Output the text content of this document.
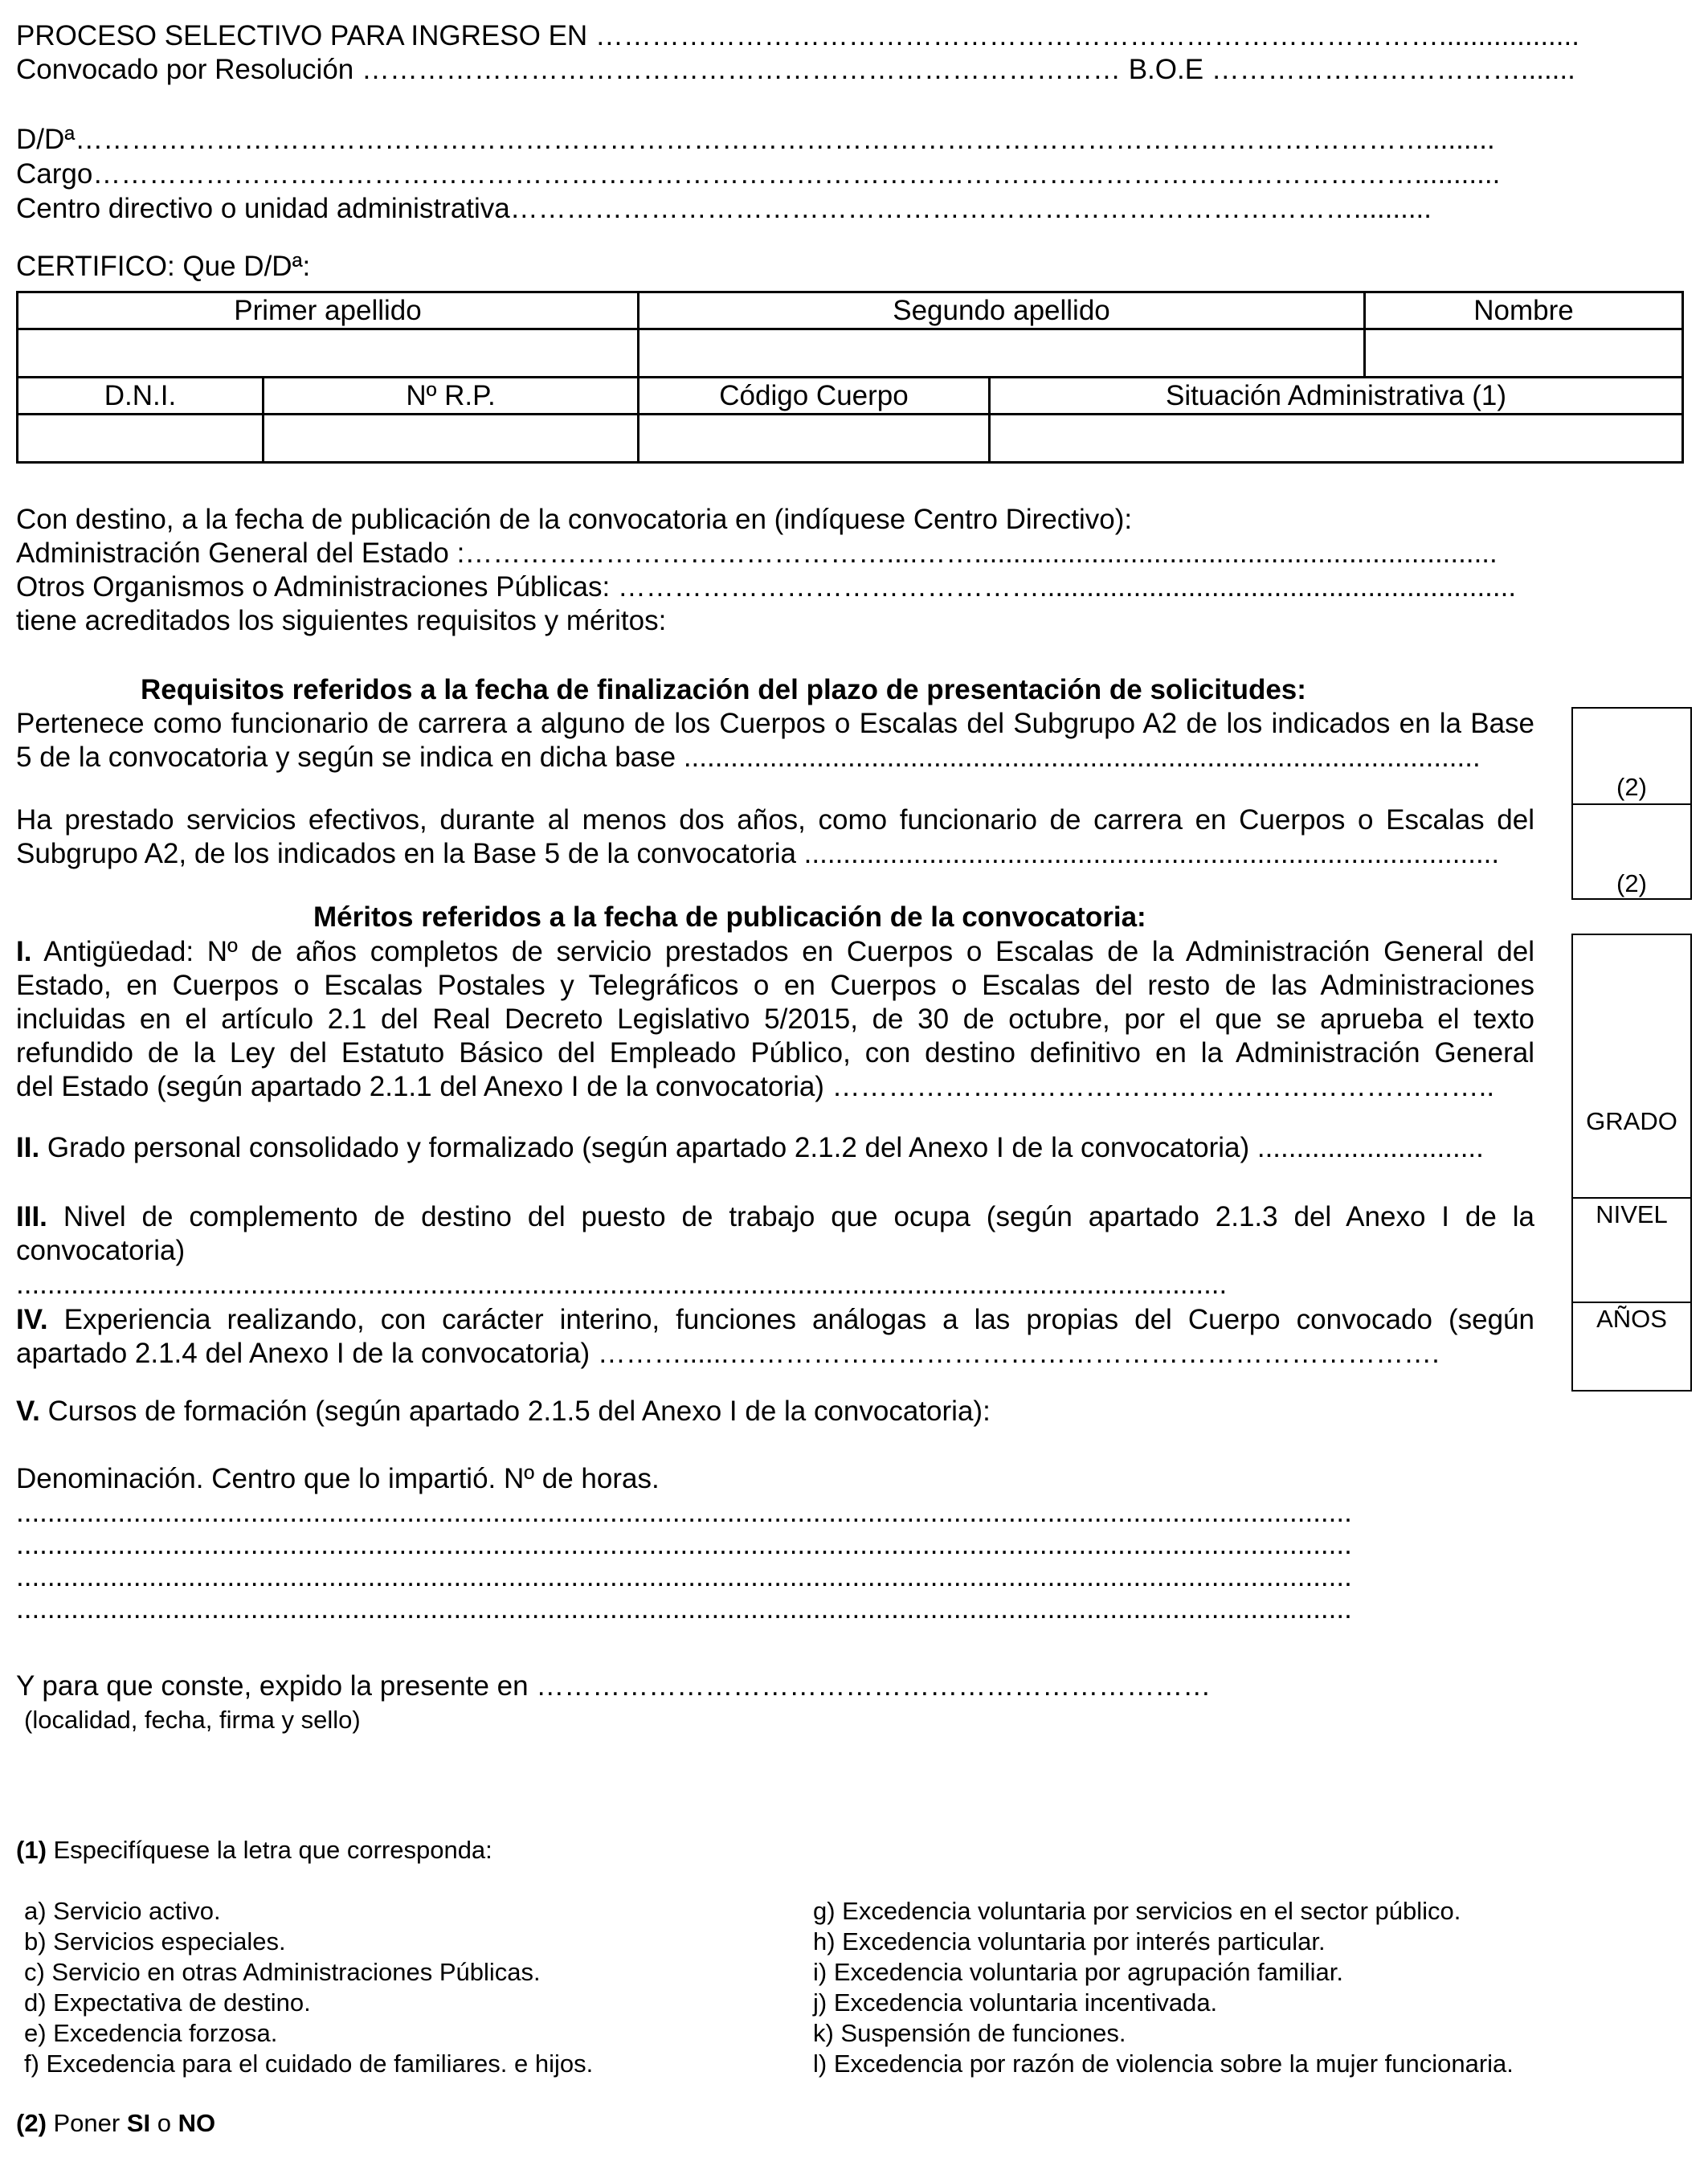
PROCESO SELECTIVO PARA INGRESO EN ………………………………………………………………………………..................
Convocado por Resolución ……………………………………………………………………… B.O.E …………………………….......
D/Dª……………………………………………………………………………………………………………………………….........
Cargo……………………………………………………………………………………………………………………………...........
Centro directivo o unidad administrativa………………………………………………………………………………..........
CERTIFICO: Que D/Dª:
Primer apellido		Segundo apellido		Nombre

D.N.I.	Nº R.P.	Código Cuerpo	Situación Administrativa (1)	

Con destino, a la fecha de publicación de la convocatoria en (indíquese Centro Directivo):
Administración General del Estado :………………………………………....……...................................................................
Otros Organismos o Administraciones Públicas: ……………………………………….............................................................
tiene acreditados los siguientes requisitos y méritos:
Requisitos referidos a la fecha de finalización del plazo de presentación de solicitudes:
Pertenece como funcionario de carrera a alguno de los Cuerpos o Escalas del Subgrupo A2 de los indicados en la Base
5 de la convocatoria y según se indica en dicha base ......................................................................................................
Ha prestado servicios efectivos, durante al menos dos años, como funcionario de carrera en Cuerpos o Escalas del
Subgrupo A2, de los indicados en la Base 5 de la convocatoria .........................................................................................
(2)
(2)
Méritos referidos a la fecha de publicación de la convocatoria:
I. Antigüedad: Nº de años completos de servicio prestados en Cuerpos o Escalas de la Administración General del
Estado, en Cuerpos o Escalas Postales y Telegráficos o en Cuerpos o Escalas del resto de las Administraciones
incluidas en el artículo 2.1 del Real Decreto Legislativo 5/2015, de 30 de octubre, por el que se aprueba el texto
refundido de la Ley del Estatuto Básico del Empleado Público, con destino definitivo en la Administración General
del Estado (según apartado 2.1.1 del Anexo I de la convocatoria) ……………………………………………………………..
II. Grado personal consolidado y formalizado (según apartado 2.1.2 del Anexo I de la convocatoria) .............................
III. Nivel de complemento de destino del puesto de trabajo que ocupa (según apartado 2.1.3 del Anexo I de la
convocatoria)
...........................................................................................................................................................
IV. Experiencia realizando, con carácter interino, funciones análogas a las propias del Cuerpo convocado (según
apartado 2.1.4 del Anexo I de la convocatoria) ………......………………………………………………………………….
V. Cursos de formación (según apartado 2.1.5 del Anexo I de la convocatoria):
GRADO
NIVEL
AÑOS
Denominación. Centro que lo impartió. Nº de horas.
...........................................................................................................................................................................
...........................................................................................................................................................................
...........................................................................................................................................................................
...........................................................................................................................................................................
Y para que conste, expido la presente en ………………………………………………………………
(localidad, fecha, firma y sello)
(1) Especifíquese la letra que corresponda:
a) Servicio activo.
b) Servicios especiales.
c) Servicio en otras Administraciones Públicas.
d) Expectativa de destino.
e) Excedencia forzosa.
f) Excedencia para el cuidado de familiares. e hijos.
g) Excedencia voluntaria por servicios en el sector público.
h) Excedencia voluntaria por interés particular.
i) Excedencia voluntaria por agrupación familiar.
j) Excedencia voluntaria incentivada.
k) Suspensión de funciones.
l) Excedencia por razón de violencia sobre la mujer funcionaria.
(2) Poner SI o NO
